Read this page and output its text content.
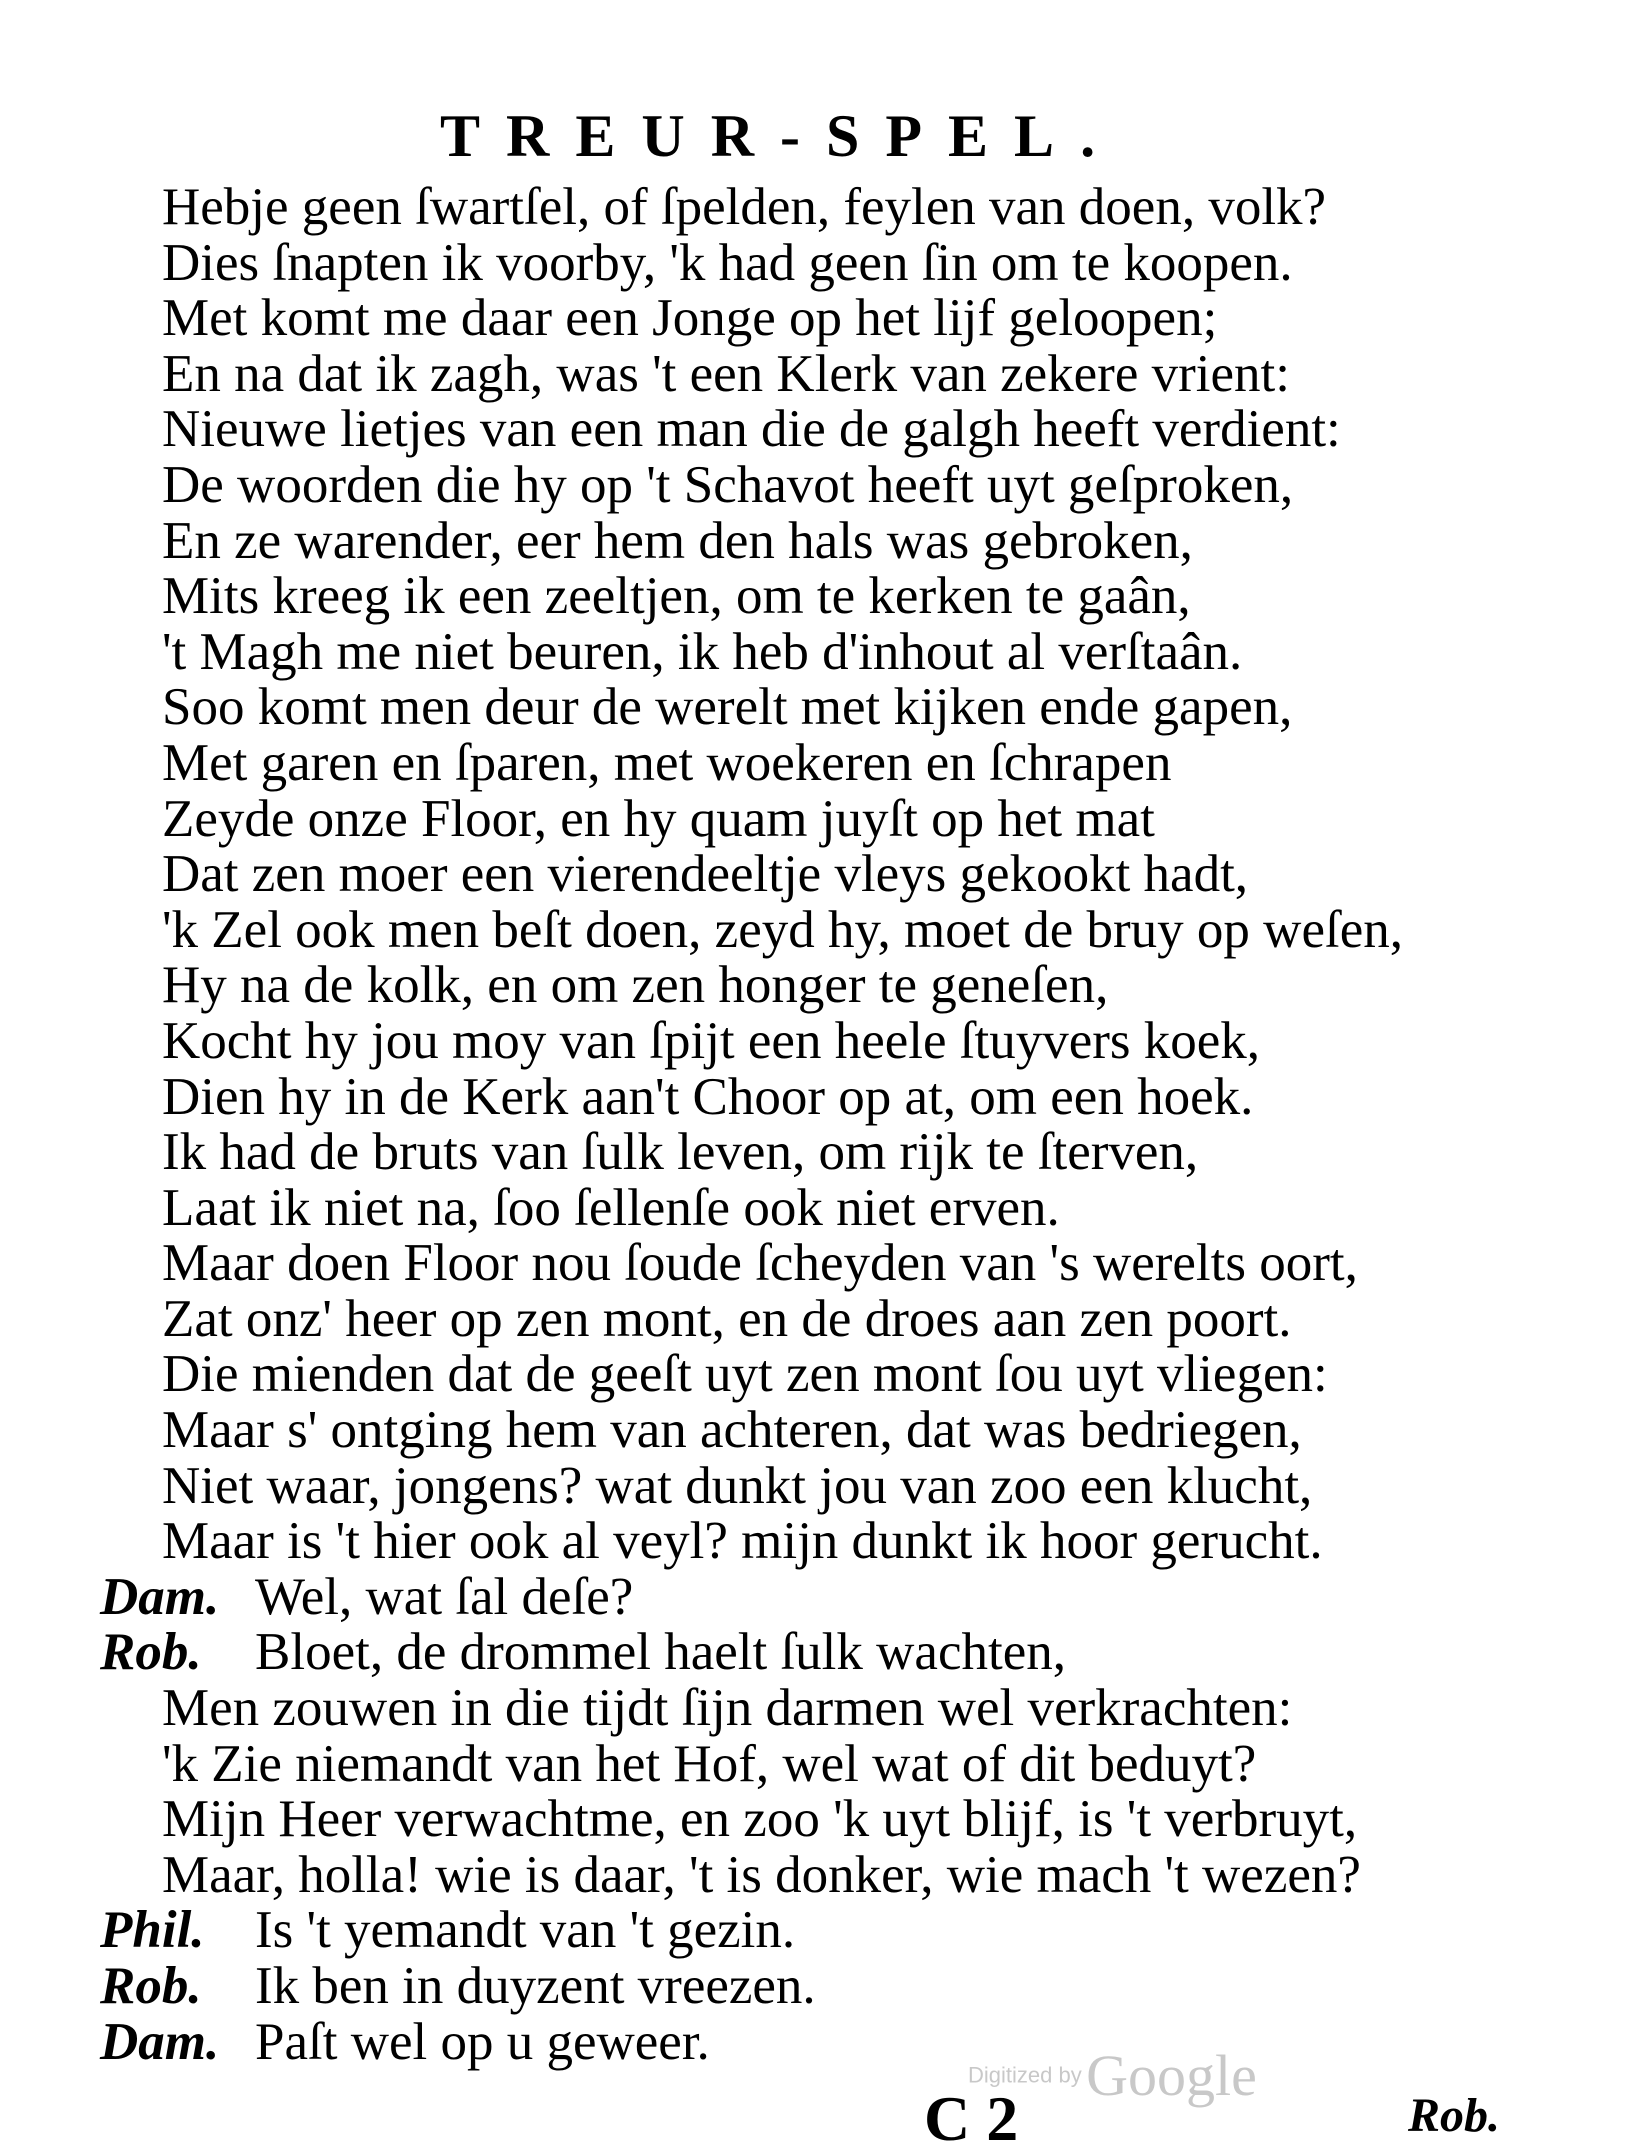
TREUR-SPEL.
Hebje geen ſwartſel, of ſpelden, feylen van doen, volk?
Dies ſnapten ik voorby, 'k had geen ſin om te koopen.
Met komt me daar een Jonge op het lijf geloopen;
En na dat ik zagh, was 't een Klerk van zekere vrient:
Nieuwe lietjes van een man die de galgh heeft verdient:
De woorden die hy op 't Schavot heeft uyt geſproken,
En ze warender, eer hem den hals was gebroken,
Mits kreeg ik een zeeltjen, om te kerken te gaân,
't Magh me niet beuren, ik heb d'inhout al verſtaân.
Soo komt men deur de werelt met kijken ende gapen,
Met garen en ſparen, met woekeren en ſchrapen
Zeyde onze Floor, en hy quam juyſt op het mat
Dat zen moer een vierendeeltje vleys gekookt hadt,
'k Zel ook men beſt doen, zeyd hy, moet de bruy op weſen,
Hy na de kolk, en om zen honger te geneſen,
Kocht hy jou moy van ſpijt een heele ſtuyvers koek,
Dien hy in de Kerk aan't Choor op at, om een hoek.
Ik had de bruts van ſulk leven, om rijk te ſterven,
Laat ik niet na, ſoo ſellenſe ook niet erven.
Maar doen Floor nou ſoude ſcheyden van 's werelts oort,
Zat onz' heer op zen mont, en de droes aan zen poort.
Die mienden dat de geeſt uyt zen mont ſou uyt vliegen:
Maar s' ontging hem van achteren, dat was bedriegen,
Niet waar, jongens? wat dunkt jou van zoo een klucht,
Maar is 't hier ook al veyl? mijn dunkt ik hoor gerucht.
Dam. Wel, wat ſal deſe?
Rob. Bloet, de drommel haelt ſulk wachten,
Men zouwen in die tijdt ſijn darmen wel verkrachten:
'k Zie niemandt van het Hof, wel wat of dit beduyt?
Mijn Heer verwachtme, en zoo 'k uyt blijf, is 't verbruyt,
Maar, holla! wie is daar, 't is donker, wie mach 't wezen?
Phil. Is 't yemandt van 't gezin.
Rob. Ik ben in duyzent vreezen.
Dam. Paſt wel op u geweer.
Digitized by Google
C 2	Rob.
